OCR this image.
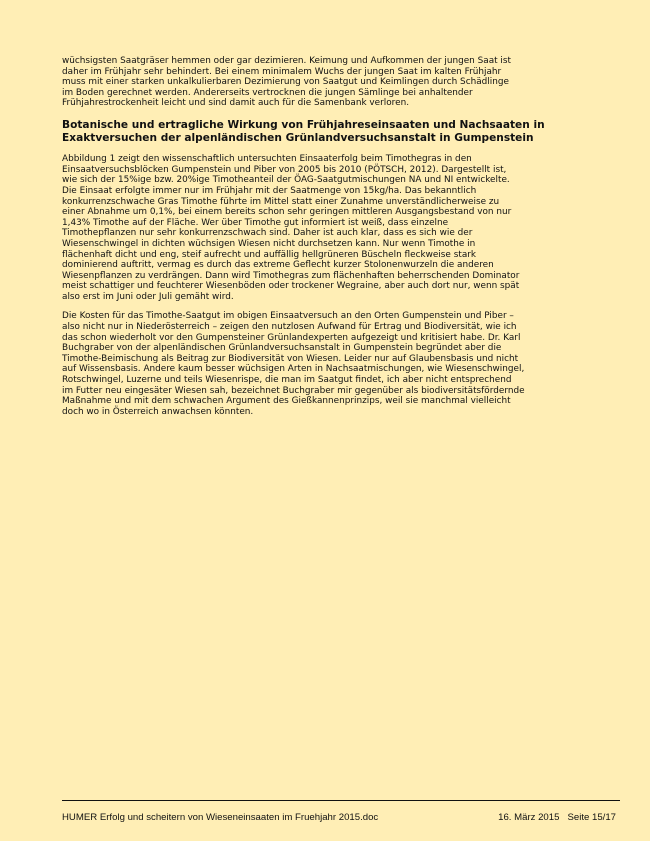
wüchsigsten Saatgräser hemmen oder gar dezimieren. Keimung und Aufkommen der jungen Saat ist
daher im Frühjahr sehr behindert. Bei einem minimalem Wuchs der jungen Saat im kalten Frühjahr
muss mit einer starken unkalkulierbaren Dezimierung von Saatgut und Keimlingen durch Schädlinge
im Boden gerechnet werden. Andererseits vertrocknen die jungen Sämlinge bei anhaltender
Frühjahrestrockenheit leicht und sind damit auch für die Samenbank verloren.

Botanische und ertragliche Wirkung von Frühjahreseinsaaten und Nachsaaten in
Exaktversuchen der alpenländischen Grünlandversuchsanstalt in Gumpenstein

Abbildung 1 zeigt den wissenschaftlich untersuchten Einsaaterfolg beim Timothegras in den
Einsaatversuchsblöcken Gumpenstein und Piber von 2005 bis 2010 (PÖTSCH, 2012). Dargestellt ist,
wie sich der 15%ige bzw. 20%ige Timotheanteil der ÖAG-Saatgutmischungen NA und NI entwickelte.
Die Einsaat erfolgte immer nur im Frühjahr mit der Saatmenge von 15kg/ha. Das bekanntlich
konkurrenzschwache Gras Timothe führte im Mittel statt einer Zunahme unverständlicherweise zu
einer Abnahme um 0,1%, bei einem bereits schon sehr geringen mittleren Ausgangsbestand von nur
1,43% Timothe auf der Fläche. Wer über Timothe gut informiert ist weiß, dass einzelne
Timothepflanzen nur sehr konkurrenzschwach sind. Daher ist auch klar, dass es sich wie der
Wiesenschwingel in dichten wüchsigen Wiesen nicht durchsetzen kann. Nur wenn Timothe in
flächenhaft dicht und eng, steif aufrecht und auffällig hellgrüneren Büscheln fleckweise stark
dominierend auftritt, vermag es durch das extreme Geflecht kurzer Stolonenwurzeln die anderen
Wiesenpflanzen zu verdrängen. Dann wird Timothegras zum flächenhaften beherrschenden Dominator
meist schattiger und feuchterer Wiesenböden oder trockener Wegraine, aber auch dort nur, wenn spät
also erst im Juni oder Juli gemäht wird.

Die Kosten für das Timothe-Saatgut im obigen Einsaatversuch an den Orten Gumpenstein und Piber –
also nicht nur in Niederösterreich – zeigen den nutzlosen Aufwand für Ertrag und Biodiversität, wie ich
das schon wiederholt vor den Gumpensteiner Grünlandexperten aufgezeigt und kritisiert habe. Dr. Karl
Buchgraber von der alpenländischen Grünlandversuchsanstalt in Gumpenstein begründet aber die
Timothe-Beimischung als Beitrag zur Biodiversität von Wiesen. Leider nur auf Glaubensbasis und nicht
auf Wissensbasis. Andere kaum besser wüchsigen Arten in Nachsaatmischungen, wie Wiesenschwingel,
Rotschwingel, Luzerne und teils Wiesenrispe, die man im Saatgut findet, ich aber nicht entsprechend
im Futter neu eingesäter Wiesen sah, bezeichnet Buchgraber mir gegenüber als biodiversitätsfördernde
Maßnahme und mit dem schwachen Argument des Gießkannenprinzips, weil sie manchmal vielleicht
doch wo in Österreich anwachsen könnten.

HUMER Erfolg und scheitern von Wieseneinsaaten im Fruehjahr 2015.doc	16. März 2015 Seite 15/17
